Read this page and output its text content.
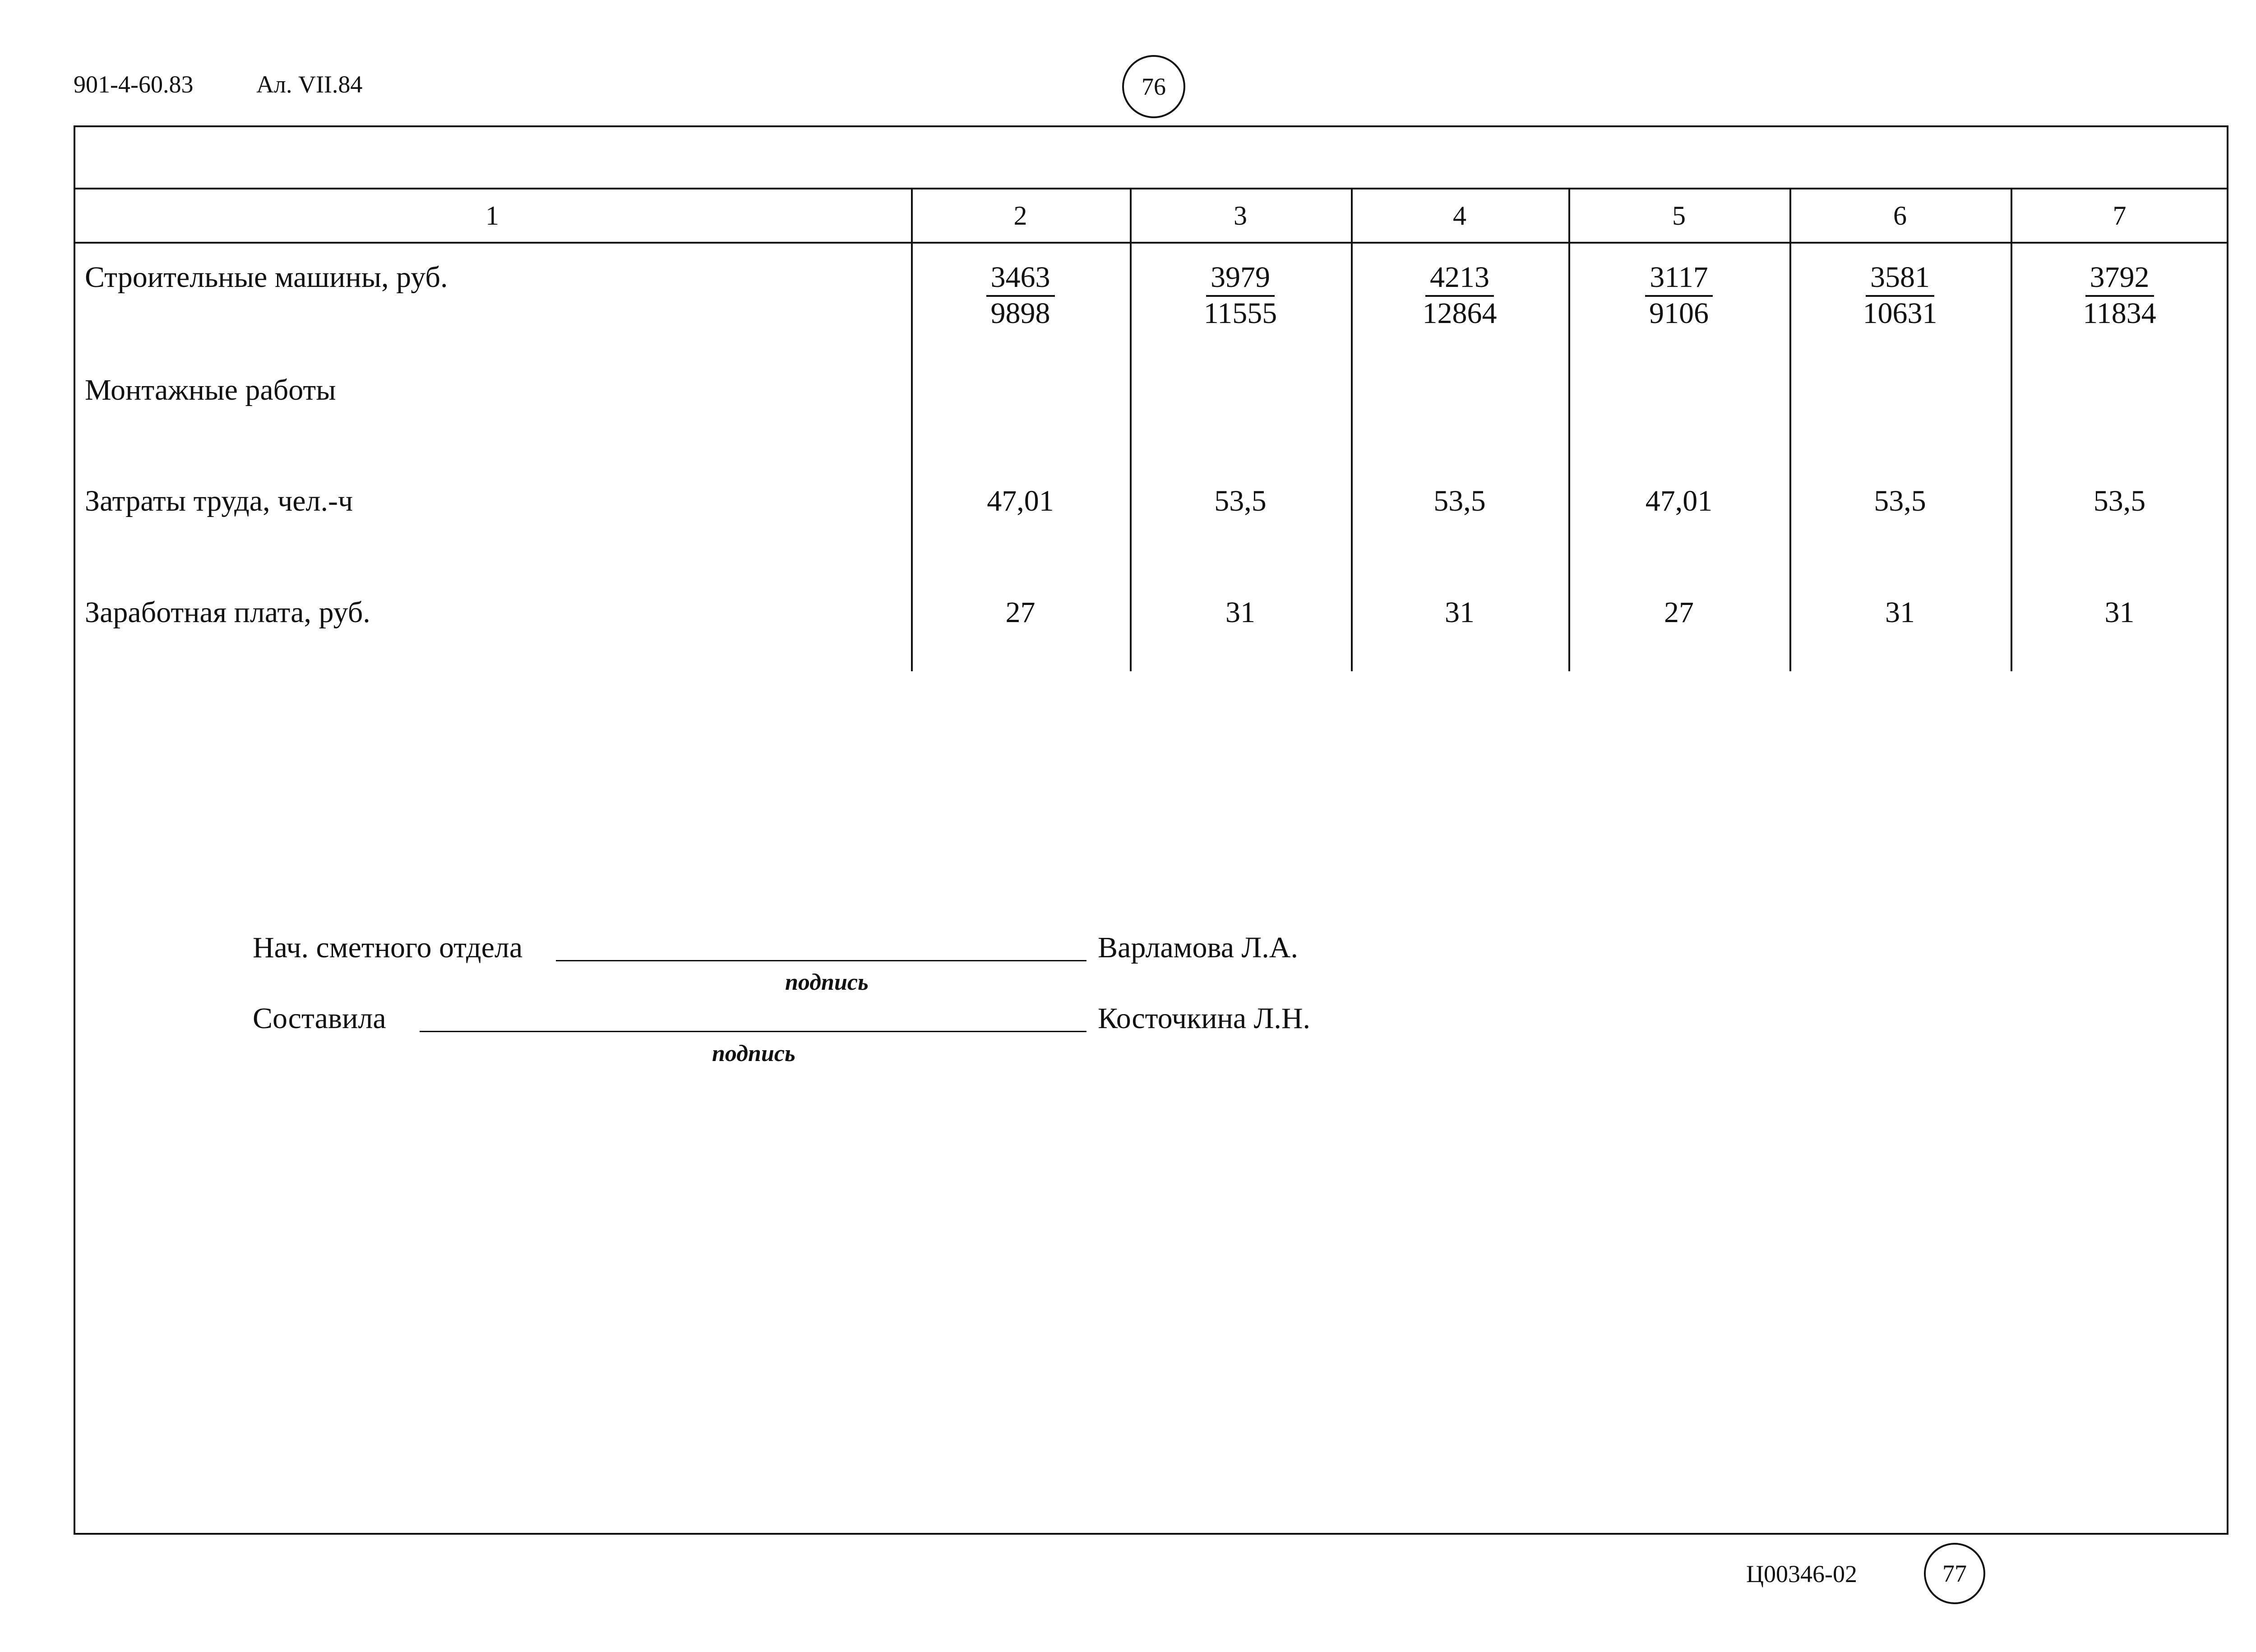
901-4-60.83	Ал. VII.84	76
1	2	3	4	5	6	7
Строительные машины, руб.	$\frac{3463}{9898} \frac{3979}{11555} \frac{4213}{12864} \frac{3117}{9106} \frac{3581}{10631} \frac{3792}{11834}$
Монтажные работы
Затраты труда, чел.-ч	47,01	53,5	53,5	47,01	53,5	53,5
Заработная плата, руб.	27	31	31	27	31	31
Нач. сметного отдела	Варламова Л.А.
подпись
Составила	Косточкина Л.Н.
подпись
Ц00346-02	77
